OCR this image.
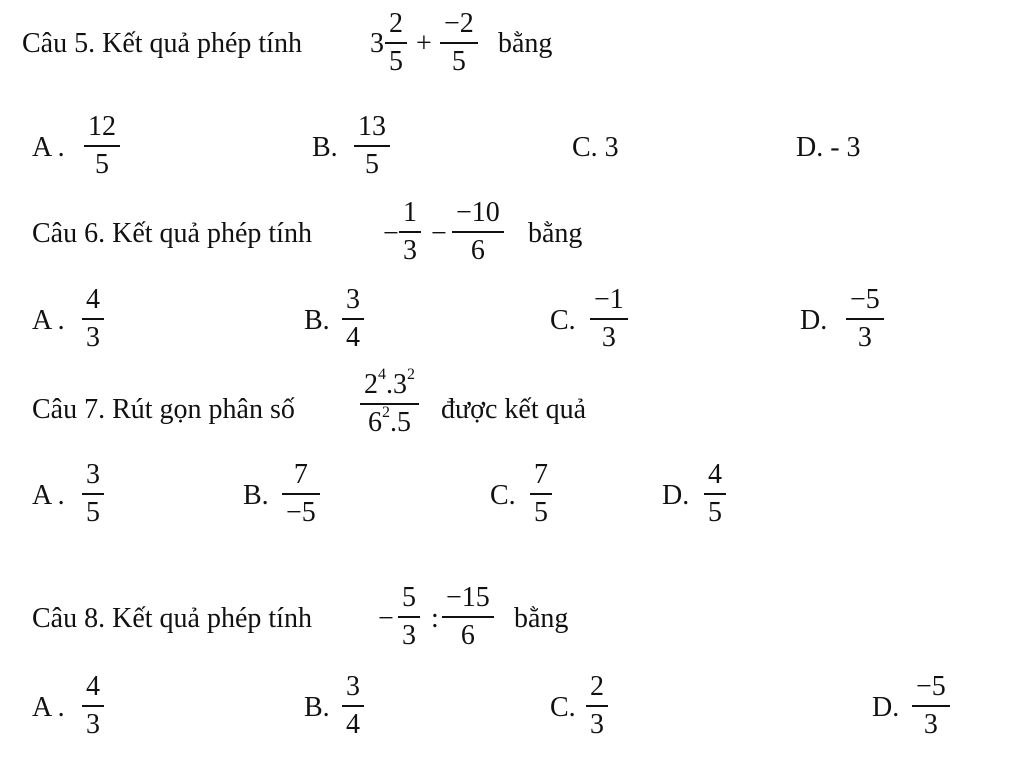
Câu 5. Kết quả phép tính 3
2
5
+
−2
5
bằng
A .
12
5
B.
13
5
C. 3	D. - 3
Câu 6. Kết quả phép tính	−
1
3
−
−10
6
bằng
A .
4
3
B.
3
4
C.
−1
3
D.
−5
3
Câu 7. Rút gọn phân số
$2^4.3^2$
$6^2.5$ được kết quả
A .
3
5
B.
7
−5
C.
7
5
D.
4
5
Câu 8. Kết quả phép tính −
5
3
:
−15
6
bằng
A .
4
3
B.
3
4
C.
2
3
D.
−5
3
